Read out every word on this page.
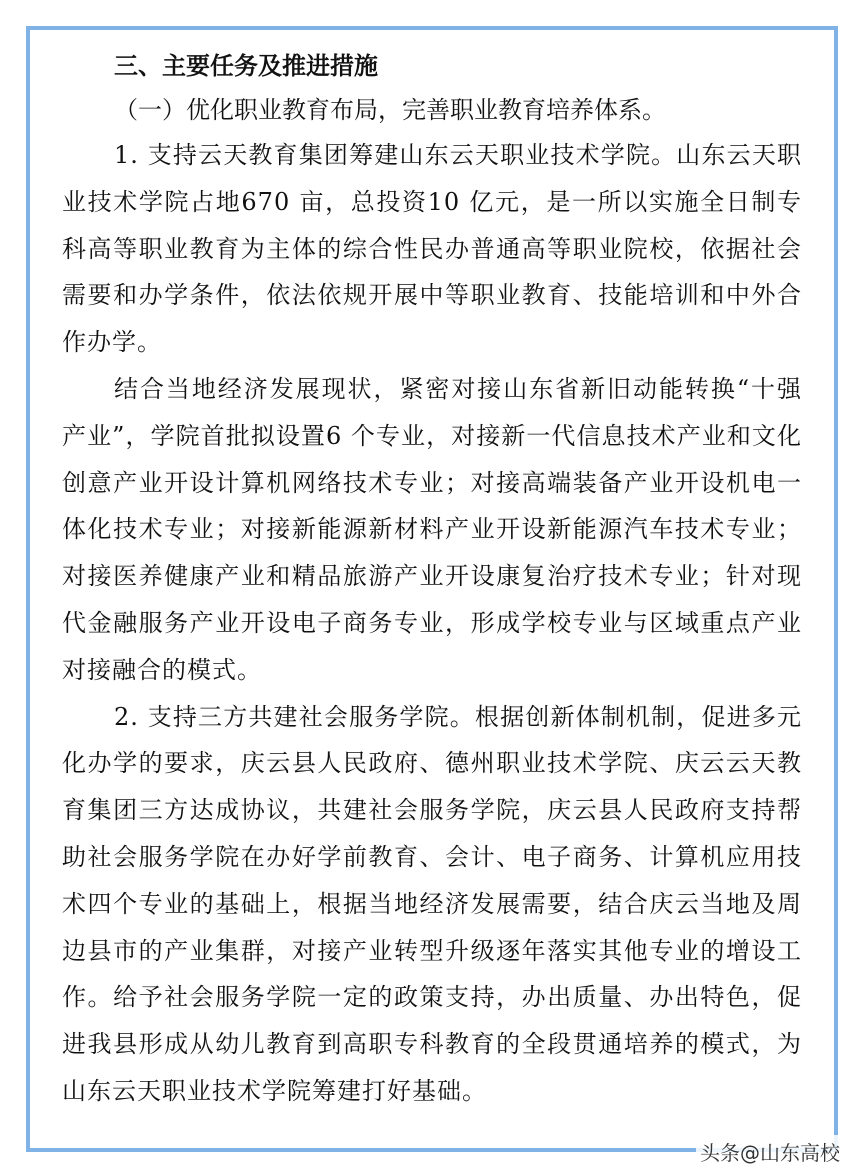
三、主要任务及推进措施

（一）优化职业教育布局，完善职业教育培养体系。

1. 支持云天教育集团筹建山东云天职业技术学院。山东云天职业技术学院占地670 亩，总投资10 亿元，是一所以实施全日制专科高等职业教育为主体的综合性民办普通高等职业院校，依据社会需要和办学条件，依法依规开展中等职业教育、技能培训和中外合作办学。

结合当地经济发展现状，紧密对接山东省新旧动能转换“十强产业”，学院首批拟设置6 个专业，对接新一代信息技术产业和文化创意产业开设计算机网络技术专业；对接高端装备产业开设机电一体化技术专业；对接新能源新材料产业开设新能源汽车技术专业；对接医养健康产业和精品旅游产业开设康复治疗技术专业；针对现代金融服务产业开设电子商务专业，形成学校专业与区域重点产业对接融合的模式。

2. 支持三方共建社会服务学院。根据创新体制机制，促进多元化办学的要求，庆云县人民政府、德州职业技术学院、庆云云天教育集团三方达成协议，共建社会服务学院，庆云县人民政府支持帮助社会服务学院在办好学前教育、会计、电子商务、计算机应用技术四个专业的基础上，根据当地经济发展需要，结合庆云当地及周边县市的产业集群，对接产业转型升级逐年落实其他专业的增设工作。给予社会服务学院一定的政策支持，办出质量、办出特色，促进我县形成从幼儿教育到高职专科教育的全段贯通培养的模式，为山东云天职业技术学院筹建打好基础。

头条@山东高校
